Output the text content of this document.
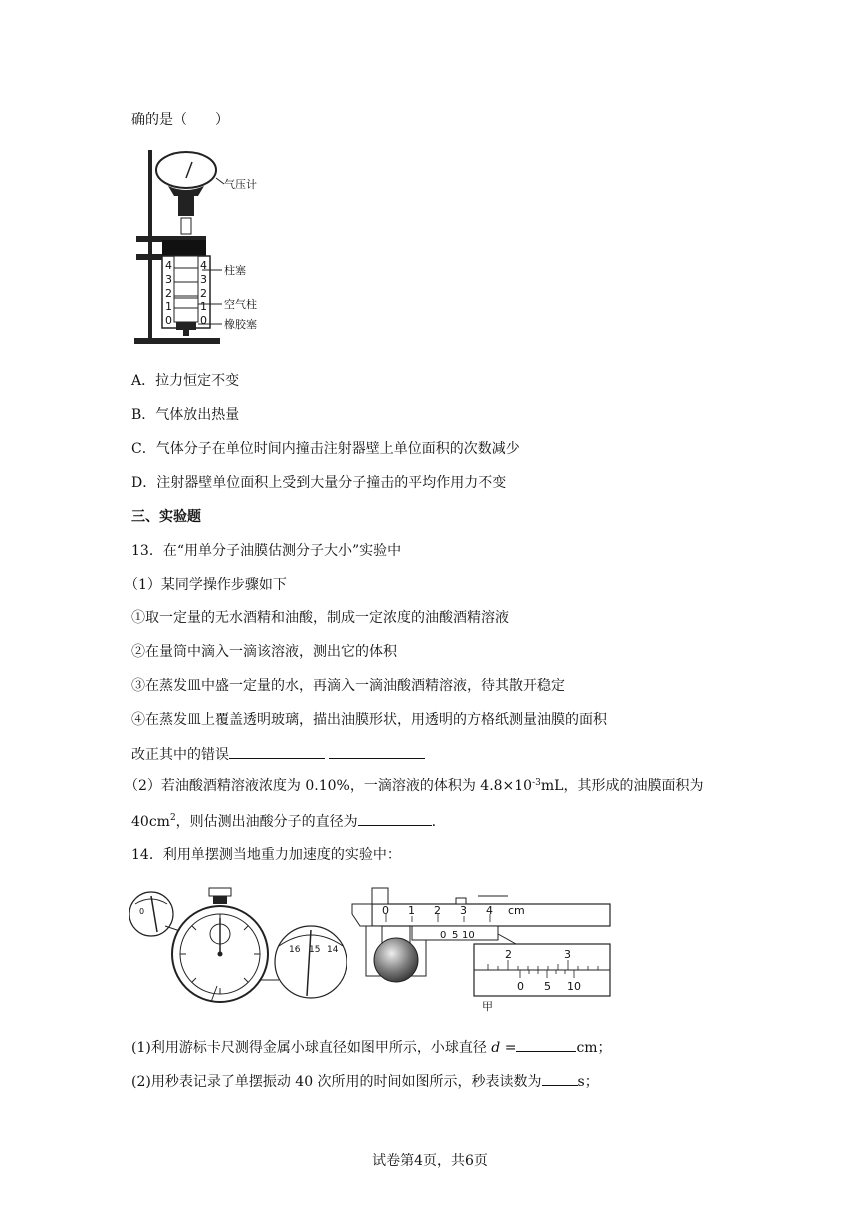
确的是（　　）
4
3
2
1
0
4
3
2
1
0
气压计
柱塞
空气柱
橡胶塞
A．拉力恒定不变
B．气体放出热量
C．气体分子在单位时间内撞击注射器壁上单位面积的次数减少
D．注射器壁单位面积上受到大量分子撞击的平均作用力不变
三、实验题
13．在“用单分子油膜估测分子大小”实验中
（1）某同学操作步骤如下
①取一定量的无水酒精和油酸，制成一定浓度的油酸酒精溶液
②在量筒中滴入一滴该溶液，测出它的体积
③在蒸发皿中盛一定量的水，再滴入一滴油酸酒精溶液，待其散开稳定
④在蒸发皿上覆盖透明玻璃，描出油膜形状，用透明的方格纸测量油膜的面积
改正其中的错误
（2）若油酸酒精溶液浓度为 0.10%，一滴溶液的体积为 $4.8\times 10^{-3}mL$，其形成的油膜面积为
$40cm^2$，则估测出油酸分子的直径为	.
14．利用单摆测当地重力加速度的实验中：
0
16 15 14
0 1 2 3 4 cm
0 5 10
2	3
0 5 10
甲
(1)利用游标卡尺测得金属小球直径如图甲所示，小球直径 d =	cm；
(2)用秒表记录了单摆振动 40 次所用的时间如图所示，秒表读数为	s；
试卷第4页，共6页
